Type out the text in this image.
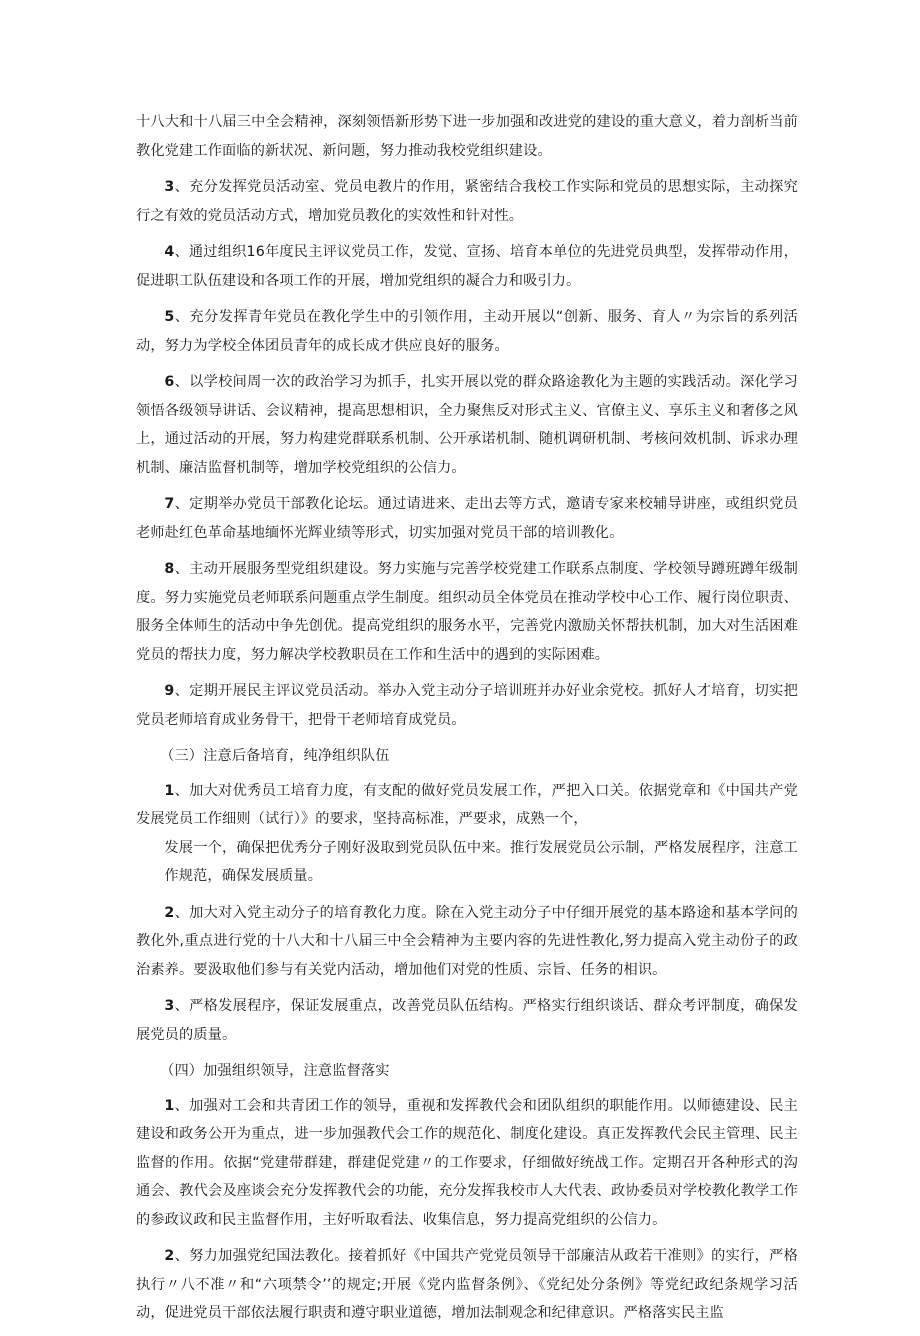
十八大和十八届三中全会精神，深刻领悟新形势下进一步加强和改进党的建设的重大意义，着力剖析当前教化党建工作面临的新状况、新问题，努力推动我校党组织建设。

3、充分发挥党员活动室、党员电教片的作用，紧密结合我校工作实际和党员的思想实际，主动探究行之有效的党员活动方式，增加党员教化的实效性和针对性。

4、通过组织16年度民主评议党员工作，发觉、宣扬、培育本单位的先进党员典型，发挥带动作用，促进职工队伍建设和各项工作的开展，增加党组织的凝合力和吸引力。

5、充分发挥青年党员在教化学生中的引领作用，主动开展以“创新、服务、育人〃为宗旨的系列活动，努力为学校全体团员青年的成长成才供应良好的服务。

6、以学校间周一次的政治学习为抓手，扎实开展以党的群众路途教化为主题的实践活动。深化学习领悟各级领导讲话、会议精神，提高思想相识，全力聚焦反对形式主义、官僚主义、享乐主义和奢侈之风上，通过活动的开展，努力构建党群联系机制、公开承诺机制、随机调研机制、考核问效机制、诉求办理机制、廉洁监督机制等，增加学校党组织的公信力。

7、定期举办党员干部教化论坛。通过请进来、走出去等方式，邀请专家来校辅导讲座，或组织党员老师赴红色革命基地缅怀光辉业绩等形式，切实加强对党员干部的培训教化。

8、主动开展服务型党组织建设。努力实施与完善学校党建工作联系点制度、学校领导蹲班蹲年级制度。努力实施党员老师联系问题重点学生制度。组织动员全体党员在推动学校中心工作、履行岗位职责、服务全体师生的活动中争先创优。提高党组织的服务水平，完善党内激励关怀帮扶机制，加大对生活困难党员的帮扶力度，努力解决学校教职员在工作和生活中的遇到的实际困难。

9、定期开展民主评议党员活动。举办入党主动分子培训班并办好业余党校。抓好人才培育，切实把党员老师培育成业务骨干，把骨干老师培育成党员。

（三）注意后备培育，纯净组织队伍

1、加大对优秀员工培育力度，有支配的做好党员发展工作，严把入口关。依据党章和《中国共产党发展党员工作细则（试行）》的要求，坚持高标准，严要求，成熟一个，

发展一个，确保把优秀分子刚好汲取到党员队伍中来。推行发展党员公示制，严格发展程序，注意工作规范，确保发展质量。

2、加大对入党主动分子的培育教化力度。除在入党主动分子中仔细开展党的基本路途和基本学问的教化外,重点进行党的十八大和十八届三中全会精神为主要内容的先进性教化,努力提高入党主动份子的政治素养。要汲取他们参与有关党内活动，增加他们对党的性质、宗旨、任务的相识。

3、严格发展程序，保证发展重点，改善党员队伍结构。严格实行组织谈话、群众考评制度，确保发展党员的质量。

（四）加强组织领导，注意监督落实

1、加强对工会和共青团工作的领导，重视和发挥教代会和团队组织的职能作用。以师德建设、民主建设和政务公开为重点，进一步加强教代会工作的规范化、制度化建设。真正发挥教代会民主管理、民主监督的作用。依据“党建带群建，群建促党建〃的工作要求，仔细做好统战工作。定期召开各种形式的沟通会、教代会及座谈会充分发挥教代会的功能，充分发挥我校市人大代表、政协委员对学校教化教学工作的参政议政和民主监督作用，主好听取看法、收集信息，努力提高党组织的公信力。

2、努力加强党纪国法教化。接着抓好《中国共产党党员领导干部廉洁从政若干准则》的实行，严格执行〃八不准〃和“六项禁令’’的规定;开展《党内监督条例》、《党纪处分条例》等党纪政纪条规学习活动，促进党员干部依法履行职责和遵守职业道德，增加法制观念和纪律意识。严格落实民主监
